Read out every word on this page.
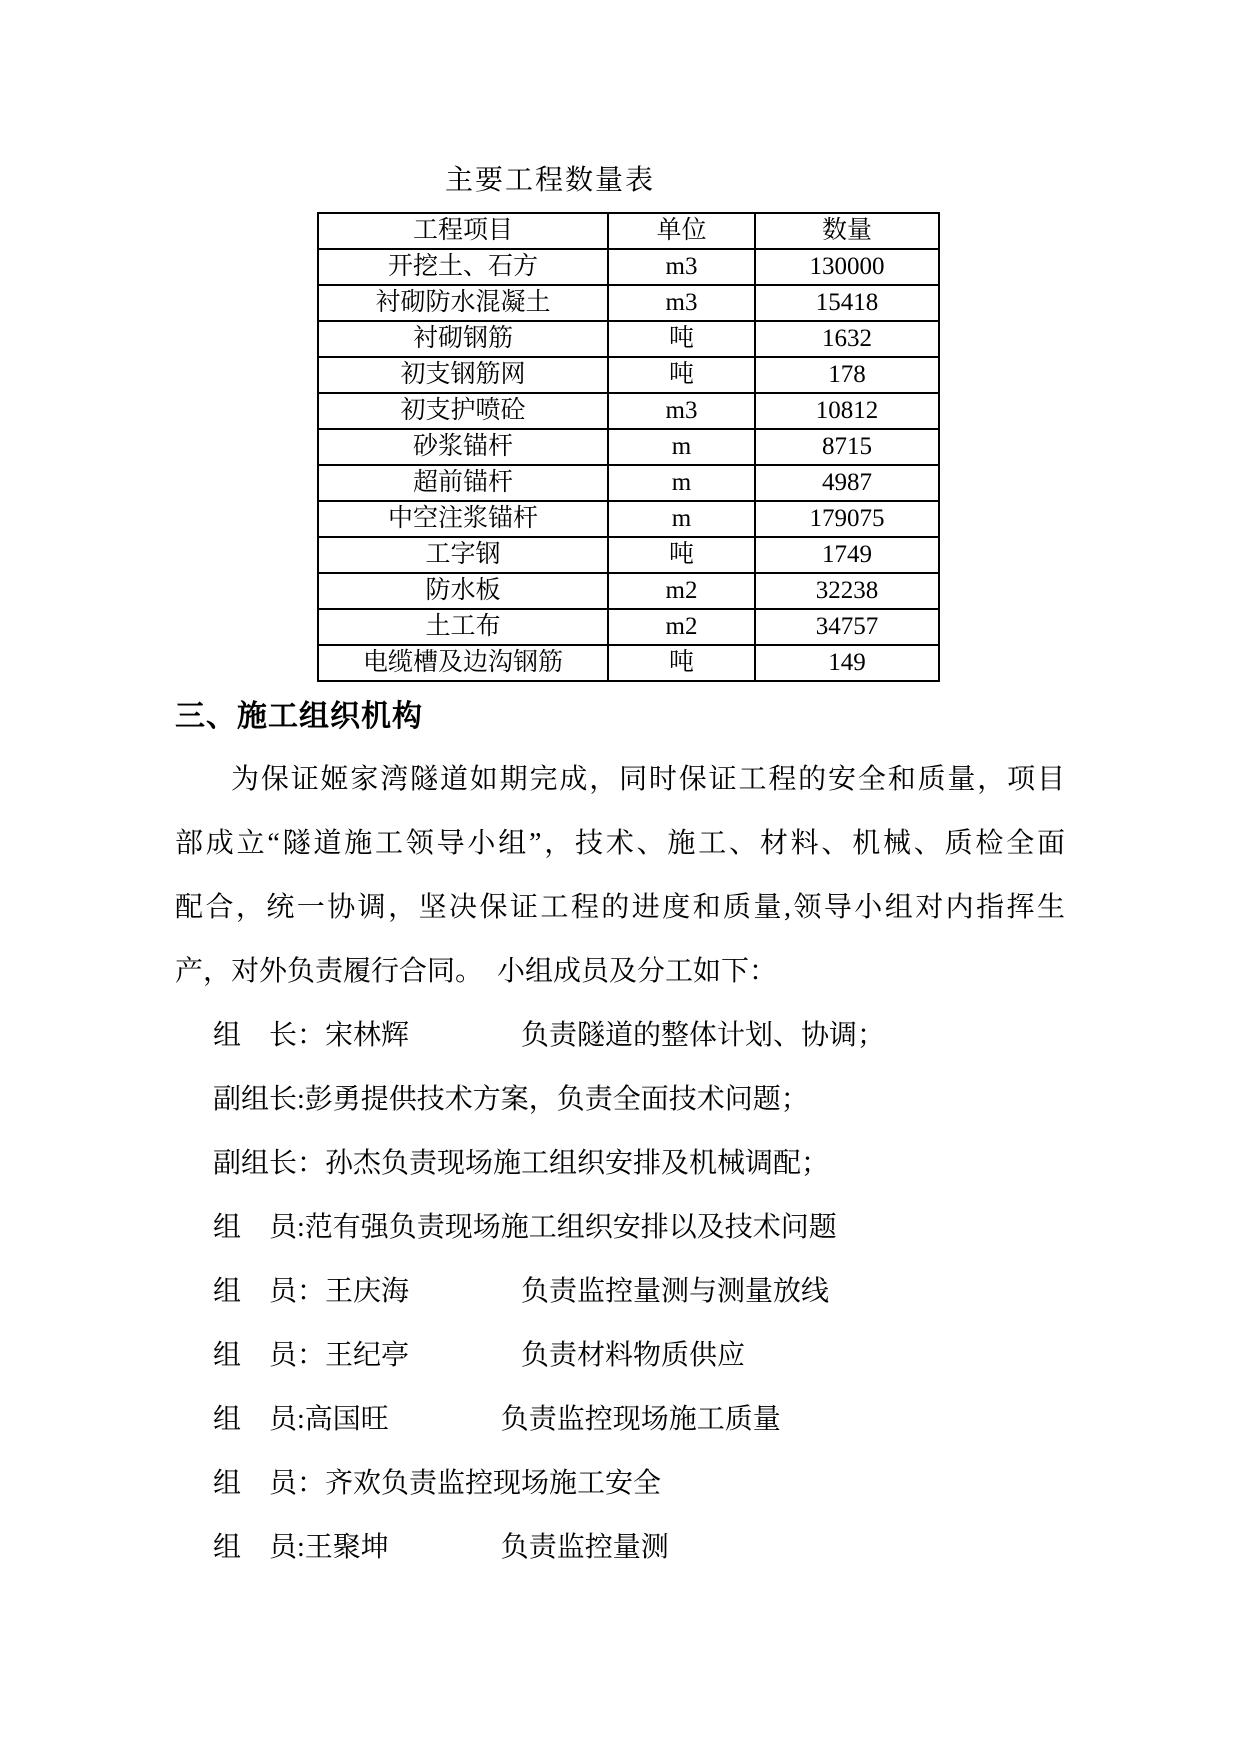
主要工程数量表
工程项目	单位	数量
开挖土、石方	m3	130000
衬砌防水混凝土	m3	15418
衬砌钢筋	吨	1632
初支钢筋网	吨	178
初支护喷砼	m3	10812
砂浆锚杆	m	8715
超前锚杆	m	4987
中空注浆锚杆	m	179075
工字钢	吨	1749
防水板	m2	32238
土工布	m2	34757
电缆槽及边沟钢筋	吨	149
三、施工组织机构
为保证姬家湾隧道如期完成，同时保证工程的安全和质量，项目
部成立“隧道施工领导小组”，技术、施工、材料、机械、质检全面
配合，统一协调，坚决保证工程的进度和质量,领导小组对内指挥生
产，对外负责履行合同。　小组成员及分工如下：
组　长：宋林辉　　　　负责隧道的整体计划、协调；
副组长:彭勇提供技术方案，负责全面技术问题；
副组长：孙杰负责现场施工组织安排及机械调配；
组　员:范有强负责现场施工组织安排以及技术问题
组　员：王庆海　　　　负责监控量测与测量放线
组　员：王纪亭　　　　负责材料物质供应
组　员:高国旺　　　　负责监控现场施工质量
组　员：齐欢负责监控现场施工安全
组　员:王聚坤　　　　负责监控量测
